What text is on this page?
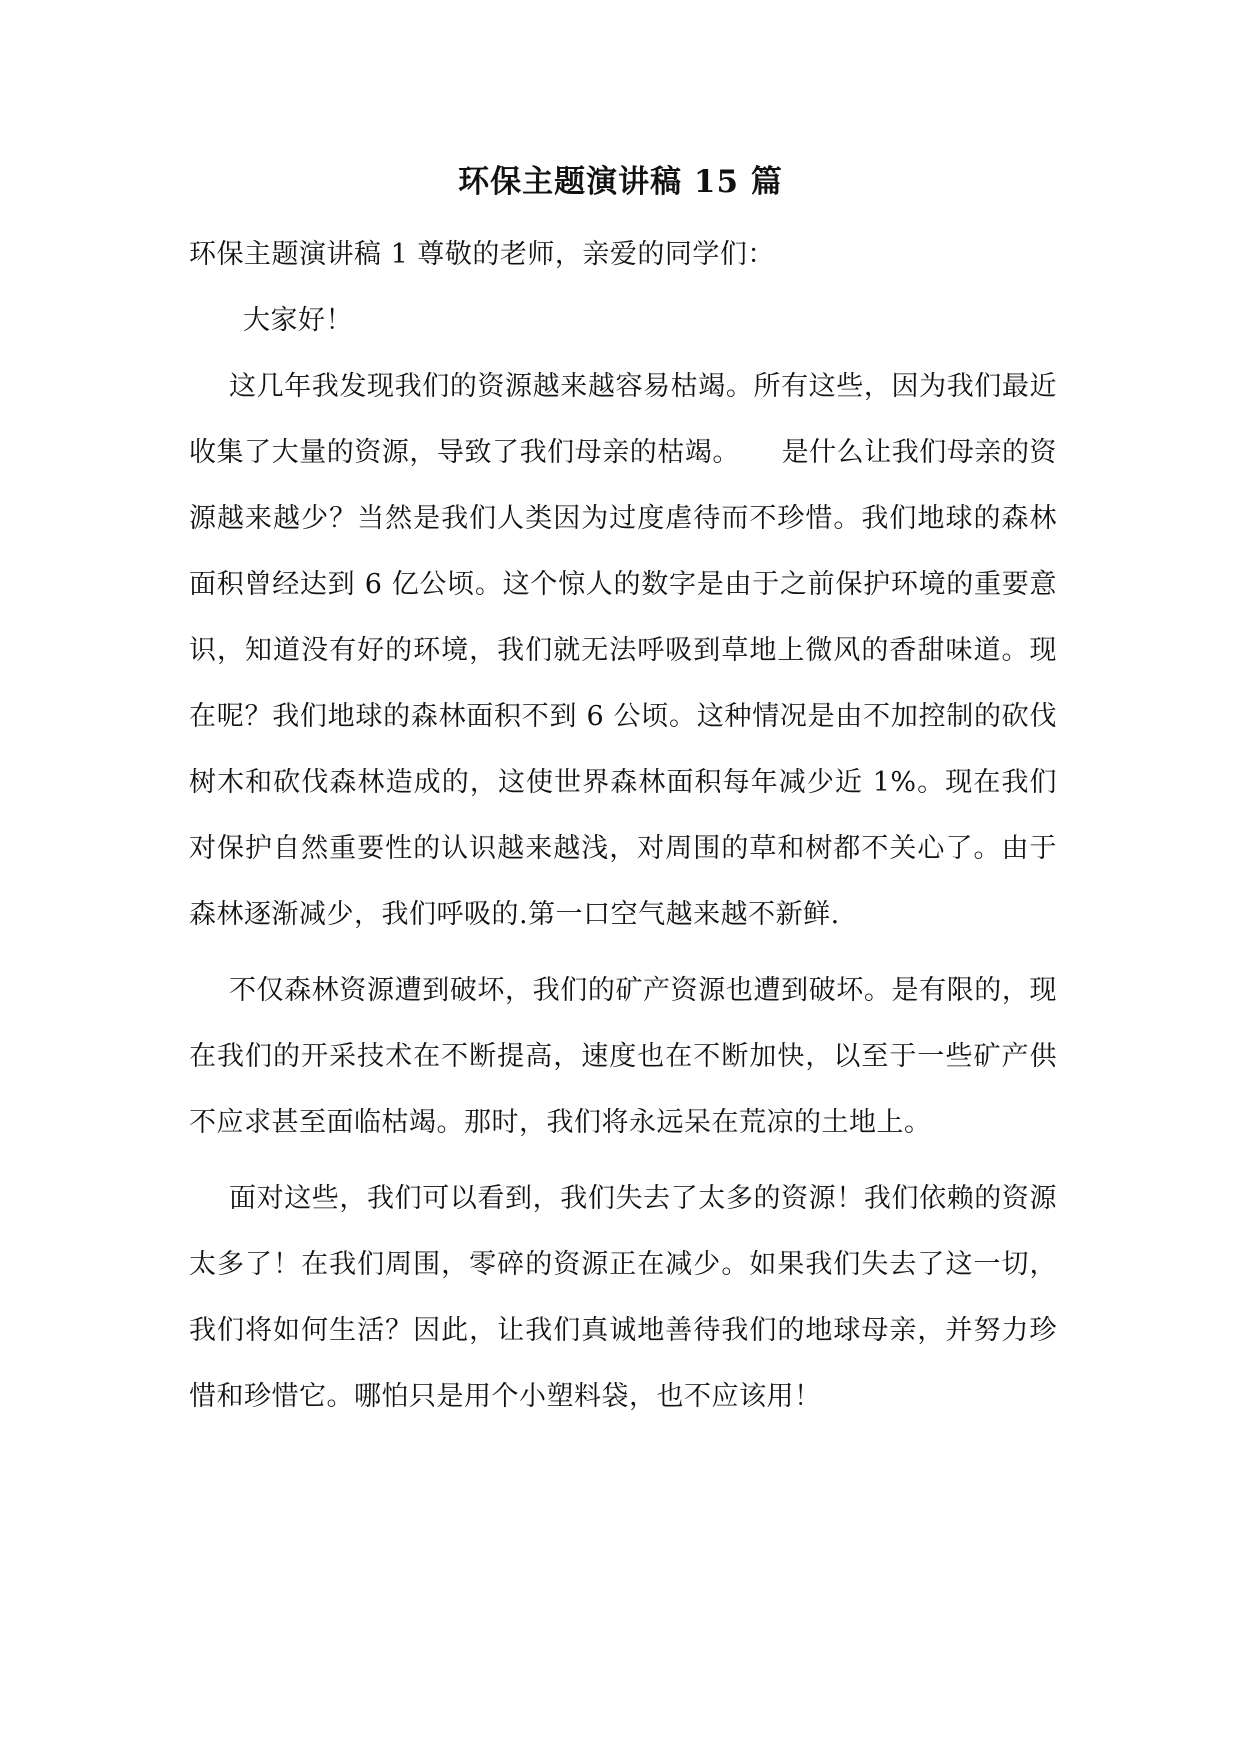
环保主题演讲稿 15 篇

环保主题演讲稿 1 尊敬的老师，亲爱的同学们：

大家好！

这几年我发现我们的资源越来越容易枯竭。所有这些，因为我们最近收集了大量的资源，导致了我们母亲的枯竭。　　是什么让我们母亲的资源越来越少？当然是我们人类因为过度虐待而不珍惜。我们地球的森林面积曾经达到 6 亿公顷。这个惊人的数字是由于之前保护环境的重要意识，知道没有好的环境，我们就无法呼吸到草地上微风的香甜味道。现在呢？我们地球的森林面积不到 6 公顷。这种情况是由不加控制的砍伐树木和砍伐森林造成的，这使世界森林面积每年减少近 1%。现在我们对保护自然重要性的认识越来越浅，对周围的草和树都不关心了。由于森林逐渐减少，我们呼吸的.第一口空气越来越不新鲜.

不仅森林资源遭到破坏，我们的矿产资源也遭到破坏。是有限的，现在我们的开采技术在不断提高，速度也在不断加快，以至于一些矿产供不应求甚至面临枯竭。那时，我们将永远呆在荒凉的土地上。

面对这些，我们可以看到，我们失去了太多的资源！我们依赖的资源太多了！在我们周围，零碎的资源正在减少。如果我们失去了这一切，我们将如何生活？因此，让我们真诚地善待我们的地球母亲，并努力珍惜和珍惜它。哪怕只是用个小塑料袋，也不应该用！
